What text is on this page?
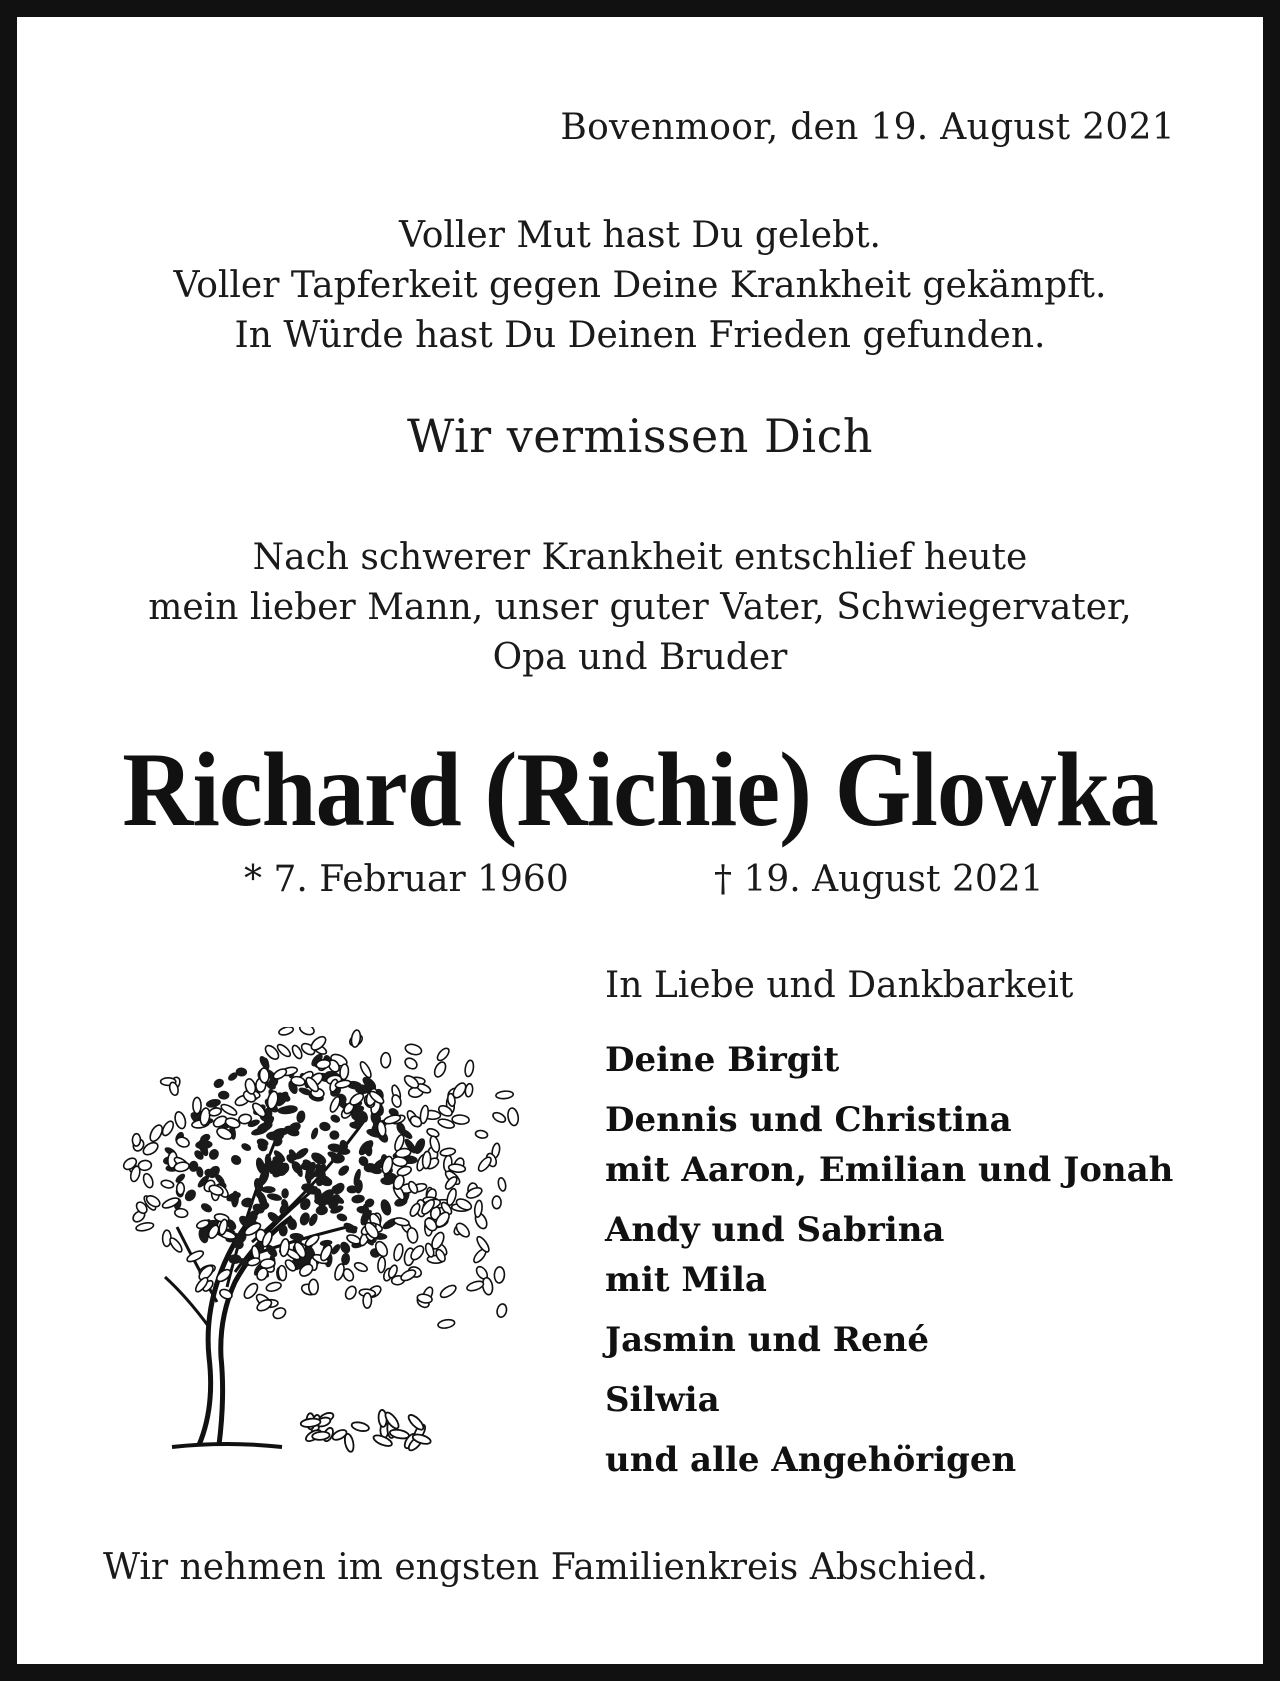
Bovenmoor, den 19. August 2021
Voller Mut hast Du gelebt.
Voller Tapferkeit gegen Deine Krankheit gekämpft.
In Würde hast Du Deinen Frieden gefunden.
Wir vermissen Dich
Nach schwerer Krankheit entschlief heute
mein lieber Mann, unser guter Vater, Schwiegervater,
Opa und Bruder
Richard (Richie) Glowka
* 7. Februar 1960	† 19. August 2021
In Liebe und Dankbarkeit
Deine Birgit
Dennis und Christina
mit Aaron, Emilian und Jonah
Andy und Sabrina
mit Mila
Jasmin und René
Silwia
und alle Angehörigen
Wir nehmen im engsten Familienkreis Abschied.
